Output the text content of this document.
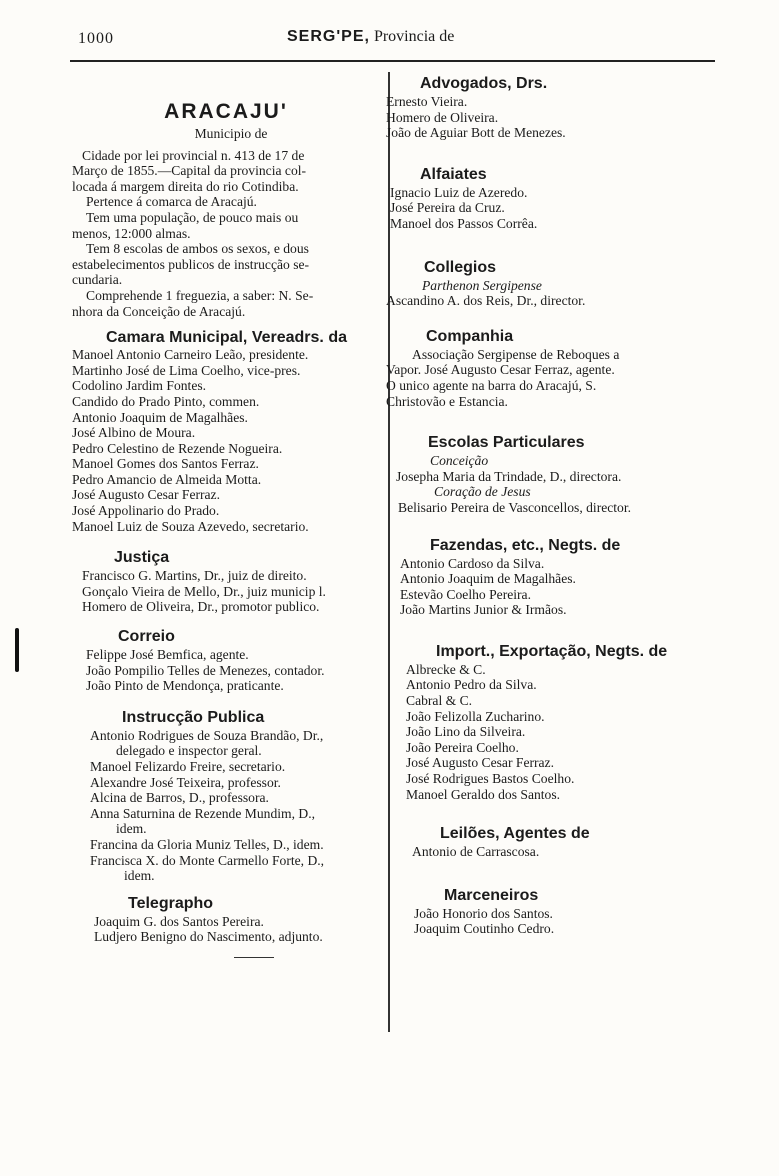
1000	SERG'PE, Provincia de
ARACAJU'
Municipio de
Cidade por lei provincial n. 413 de 17 de
Março de 1855.—Capital da provincia col-
locada á margem direita do rio Cotindiba.
Pertence á comarca de Aracajú.
Tem uma população, de pouco mais ou
menos, 12:000 almas.
Tem 8 escolas de ambos os sexos, e dous
estabelecimentos publicos de instrucção se-
cundaria.
Comprehende 1 freguezia, a saber: N. Se-
nhora da Conceição de Aracajú.
Camara Municipal, Vereadrs. da
Manoel Antonio Carneiro Leão, presidente.
Martinho José de Lima Coelho, vice-pres.
Codolino Jardim Fontes.
Candido do Prado Pinto, commen.
Antonio Joaquim de Magalhães.
José Albino de Moura.
Pedro Celestino de Rezende Nogueira.
Manoel Gomes dos Santos Ferraz.
Pedro Amancio de Almeida Motta.
José Augusto Cesar Ferraz.
José Appolinario do Prado.
Manoel Luiz de Souza Azevedo, secretario.
Justiça
Francisco G. Martins, Dr., juiz de direito.
Gonçalo Vieira de Mello, Dr., juiz municip l.
Homero de Oliveira, Dr., promotor publico.
Correio
Felippe José Bemfica, agente.
João Pompilio Telles de Menezes, contador.
João Pinto de Mendonça, praticante.
Instrucção Publica
Antonio Rodrigues de Souza Brandão, Dr.,
delegado e inspector geral.
Manoel Felizardo Freire, secretario.
Alexandre José Teixeira, professor.
Alcina de Barros, D., professora.
Anna Saturnina de Rezende Mundim, D.,
idem.
Francina da Gloria Muniz Telles, D., idem.
Francisca X. do Monte Carmello Forte, D.,
idem.
Telegrapho
Joaquim G. dos Santos Pereira.
Ludjero Benigno do Nascimento, adjunto.
Advogados, Drs.
Ernesto Vieira.
Homero de Oliveira.
João de Aguiar Bott de Menezes.
Alfaiates
Ignacio Luiz de Azeredo.
José Pereira da Cruz.
Manoel dos Passos Corrêa.
Collegios
Parthenon Sergipense
Ascandino A. dos Reis, Dr., director.
Companhia
Associação Sergipense de Reboques a
Vapor. José Augusto Cesar Ferraz, agente.
O unico agente na barra do Aracajú, S.
Christovão e Estancia.
Escolas Particulares
Conceição
Josepha Maria da Trindade, D., directora.
Coração de Jesus
Belisario Pereira de Vasconcellos, director.
Fazendas, etc., Negts. de
Antonio Cardoso da Silva.
Antonio Joaquim de Magalhães.
Estevão Coelho Pereira.
João Martins Junior & Irmãos.
Import., Exportação, Negts. de
Albrecke & C.
Antonio Pedro da Silva.
Cabral & C.
João Felizolla Zucharino.
João Lino da Silveira.
João Pereira Coelho.
José Augusto Cesar Ferraz.
José Rodrigues Bastos Coelho.
Manoel Geraldo dos Santos.
Leilões, Agentes de
Antonio de Carrascosa.
Marceneiros
João Honorio dos Santos.
Joaquim Coutinho Cedro.
